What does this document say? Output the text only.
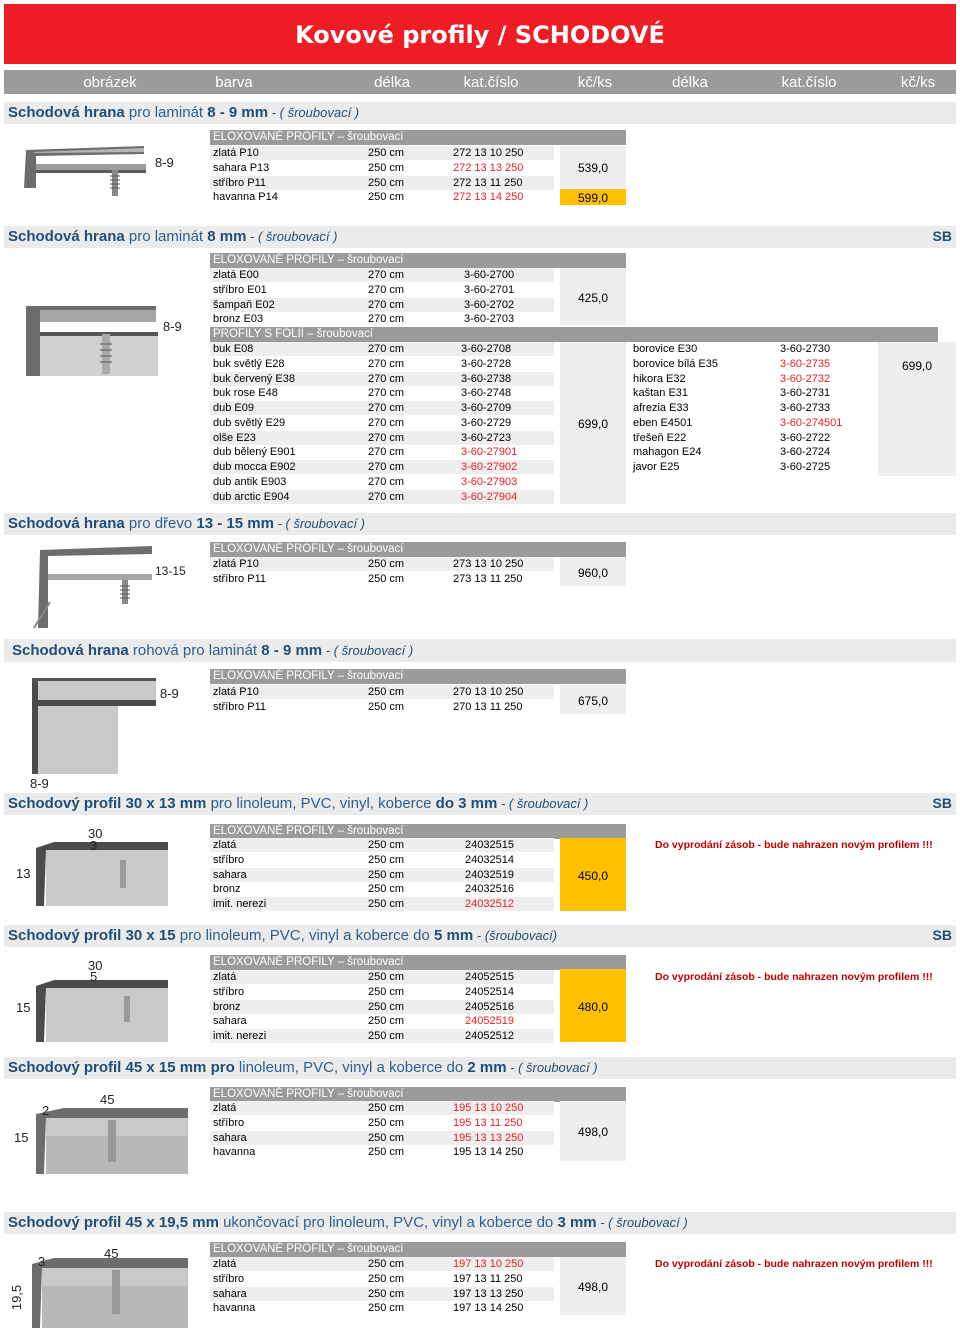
Kovové profily / SCHODOVÉ
obrázek	barva	délka	kat.číslo	kč/ks	délka	kat.číslo	kč/ks
Schodová hrana pro laminát 8 - 9 mm - ( šroubovací )
8-9
ELOXOVANÉ PROFILY – šroubovací
zlatá P10	250 cm	272 13 10 250
sahara P13	250 cm	272 13 13 250
stříbro P11	250 cm	272 13 11 250
havanna P14	250 cm	272 13 14 250
539,0
599,0
Schodová hrana pro laminát 8 mm - ( šroubovací )	SB
8-9
ELOXOVANÉ PROFILY – šroubovací
zlatá E00	270 cm	3-60-2700
stříbro E01	270 cm	3-60-2701
šampaň E02	270 cm	3-60-2702
bronz E03	270 cm	3-60-2703
425,0
PROFILY S FÓLIÍ – šroubovací
buk E08	270 cm	3-60-2708
buk světlý E28	270 cm	3-60-2728
buk červený E38	270 cm	3-60-2738
buk rose E48	270 cm	3-60-2748
dub E09	270 cm	3-60-2709
dub světlý E29	270 cm	3-60-2729
olše E23	270 cm	3-60-2723
dub bělený E901	270 cm	3-60-27901
dub mocca E902	270 cm	3-60-27902
dub antik E903	270 cm	3-60-27903
dub arctic E904	270 cm	3-60-27904
699,0
borovice E30	3-60-2730
borovice bílá E35	3-60-2735
hikora E32	3-60-2732
kaštan E31	3-60-2731
afrezia E33	3-60-2733
eben E4501	3-60-274501
třešeň E22	3-60-2722
mahagon E24	3-60-2724
javor E25	3-60-2725
699,0
Schodová hrana pro dřevo 13 - 15 mm - ( šroubovací )
13-15
ELOXOVANÉ PROFILY – šroubovací
zlatá P10	250 cm	273 13 10 250
stříbro P11	250 cm	273 13 11 250	960,0
Schodová hrana rohová pro laminát 8 - 9 mm - ( šroubovací )
8-9
8-9
ELOXOVANÉ PROFILY – šroubovací
zlatá P10	250 cm	270 13 10 250
stříbro P11	250 cm	270 13 11 250	675,0
Schodový profil 30 x 13 mm pro linoleum, PVC, vinyl, koberce do 3 mm - ( šroubovací )	SB
30
3
13
ELOXOVANÉ PROFILY – šroubovací
zlatá	250 cm	24032515
stříbro	250 cm	24032514
sahara	250 cm	24032519
bronz	250 cm	24032516
imit. nerezi	250 cm	24032512
450,0
Do vyprodání zásob - bude nahrazen novým profilem !!!
Schodový profil 30 x 15 pro linoleum, PVC, vinyl a koberce do 5 mm - (šroubovací)	SB
30
5
15
ELOXOVANÉ PROFILY – šroubovací
zlatá	250 cm	24052515
stříbro	250 cm	24052514
bronz	250 cm	24052516
sahara	250 cm	24052519
imit. nerezi	250 cm	24052512
480,0
Do vyprodání zásob - bude nahrazen novým profilem !!!
Schodový profil 45 x 15 mm pro linoleum, PVC, vinyl a koberce do 2 mm - ( šroubovací )
45
2
15
ELOXOVANÉ PROFILY – šroubovací
zlatá	250 cm	195 13 10 250
stříbro	250 cm	195 13 11 250
sahara	250 cm	195 13 13 250
havanna	250 cm	195 13 14 250
498,0
Schodový profil 45 x 19,5 mm ukončovací pro linoleum, PVC, vinyl a koberce do 3 mm - ( šroubovací )
45
3
19,5
ELOXOVANÉ PROFILY – šroubovací
zlatá	250 cm	197 13 10 250
stříbro	250 cm	197 13 11 250
sahara	250 cm	197 13 13 250
havanna	250 cm	197 13 14 250
498,0
Do vyprodání zásob - bude nahrazen novým profilem !!!
